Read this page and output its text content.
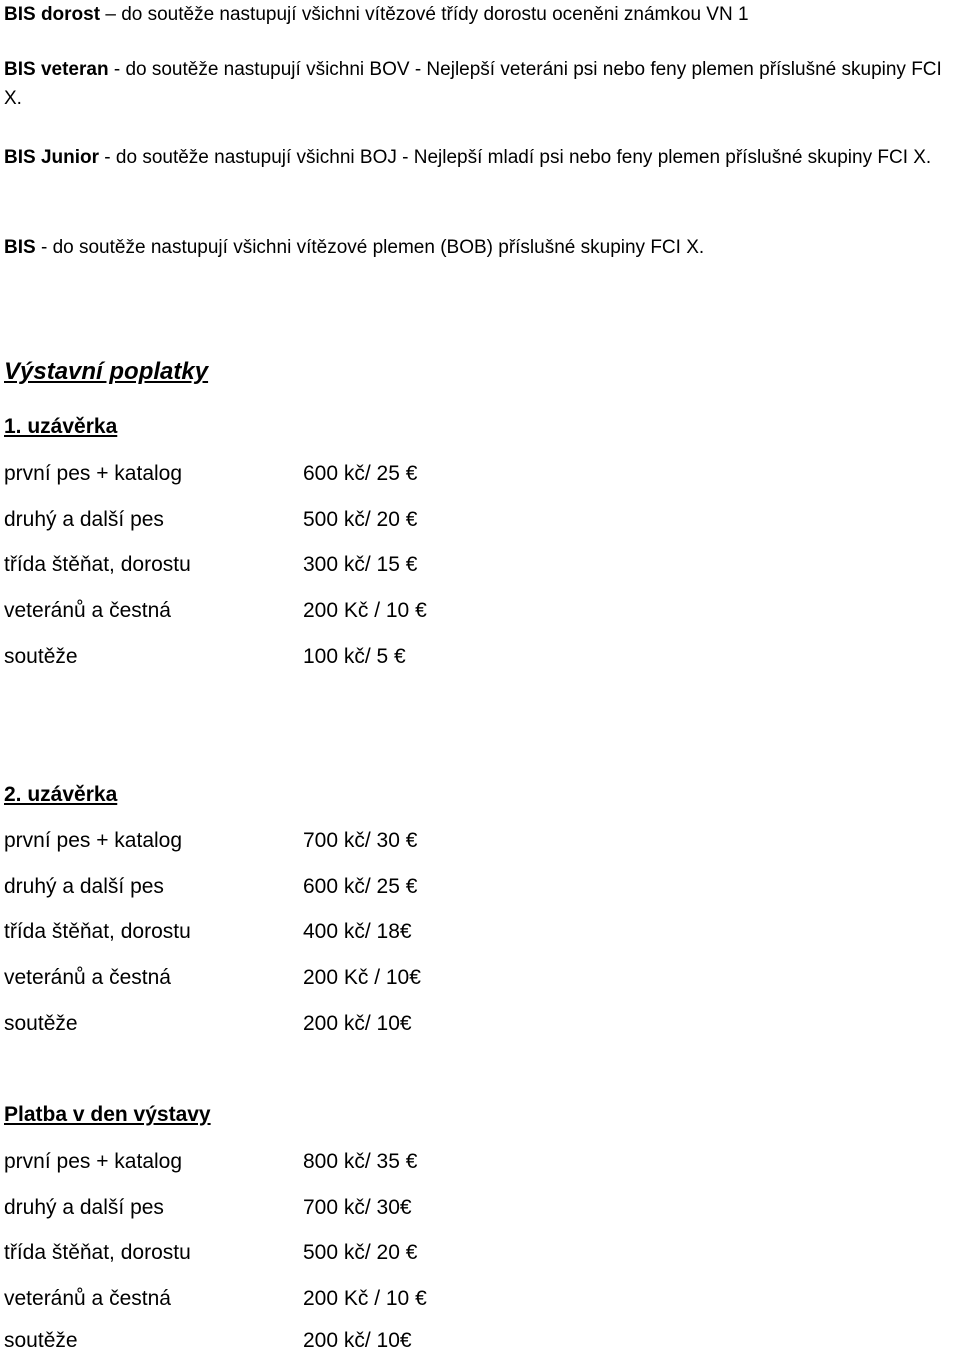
BIS dorost – do soutěže nastupují všichni vítězové třídy dorostu oceněni známkou VN 1

BIS veteran - do soutěže nastupují všichni BOV - Nejlepší veteráni psi nebo feny plemen příslušné skupiny FCI X.

BIS Junior - do soutěže nastupují všichni BOJ - Nejlepší mladí psi nebo feny plemen příslušné skupiny FCI X.

BIS - do soutěže nastupují všichni vítězové plemen (BOB) příslušné skupiny FCI X.

Výstavní poplatky
1. uzávěrka
první pes + katalog	600 kč/ 25 €
druhý a další pes	500 kč/ 20 €
třída štěňat, dorostu	300 kč/ 15 €
veteránů a čestná	200 Kč / 10 €
soutěže	100 kč/ 5 €
2. uzávěrka
první pes + katalog	700 kč/ 30 €
druhý a další pes	600 kč/ 25 €
třída štěňat, dorostu	400 kč/ 18€
veteránů a čestná	200 Kč / 10€
soutěže	200 kč/ 10€
Platba v den výstavy
první pes + katalog	800 kč/ 35 €
druhý a další pes	700 kč/ 30€
třída štěňat, dorostu	500 kč/ 20 €
veteránů a čestná	200 Kč / 10 €
soutěže	200 kč/ 10€
